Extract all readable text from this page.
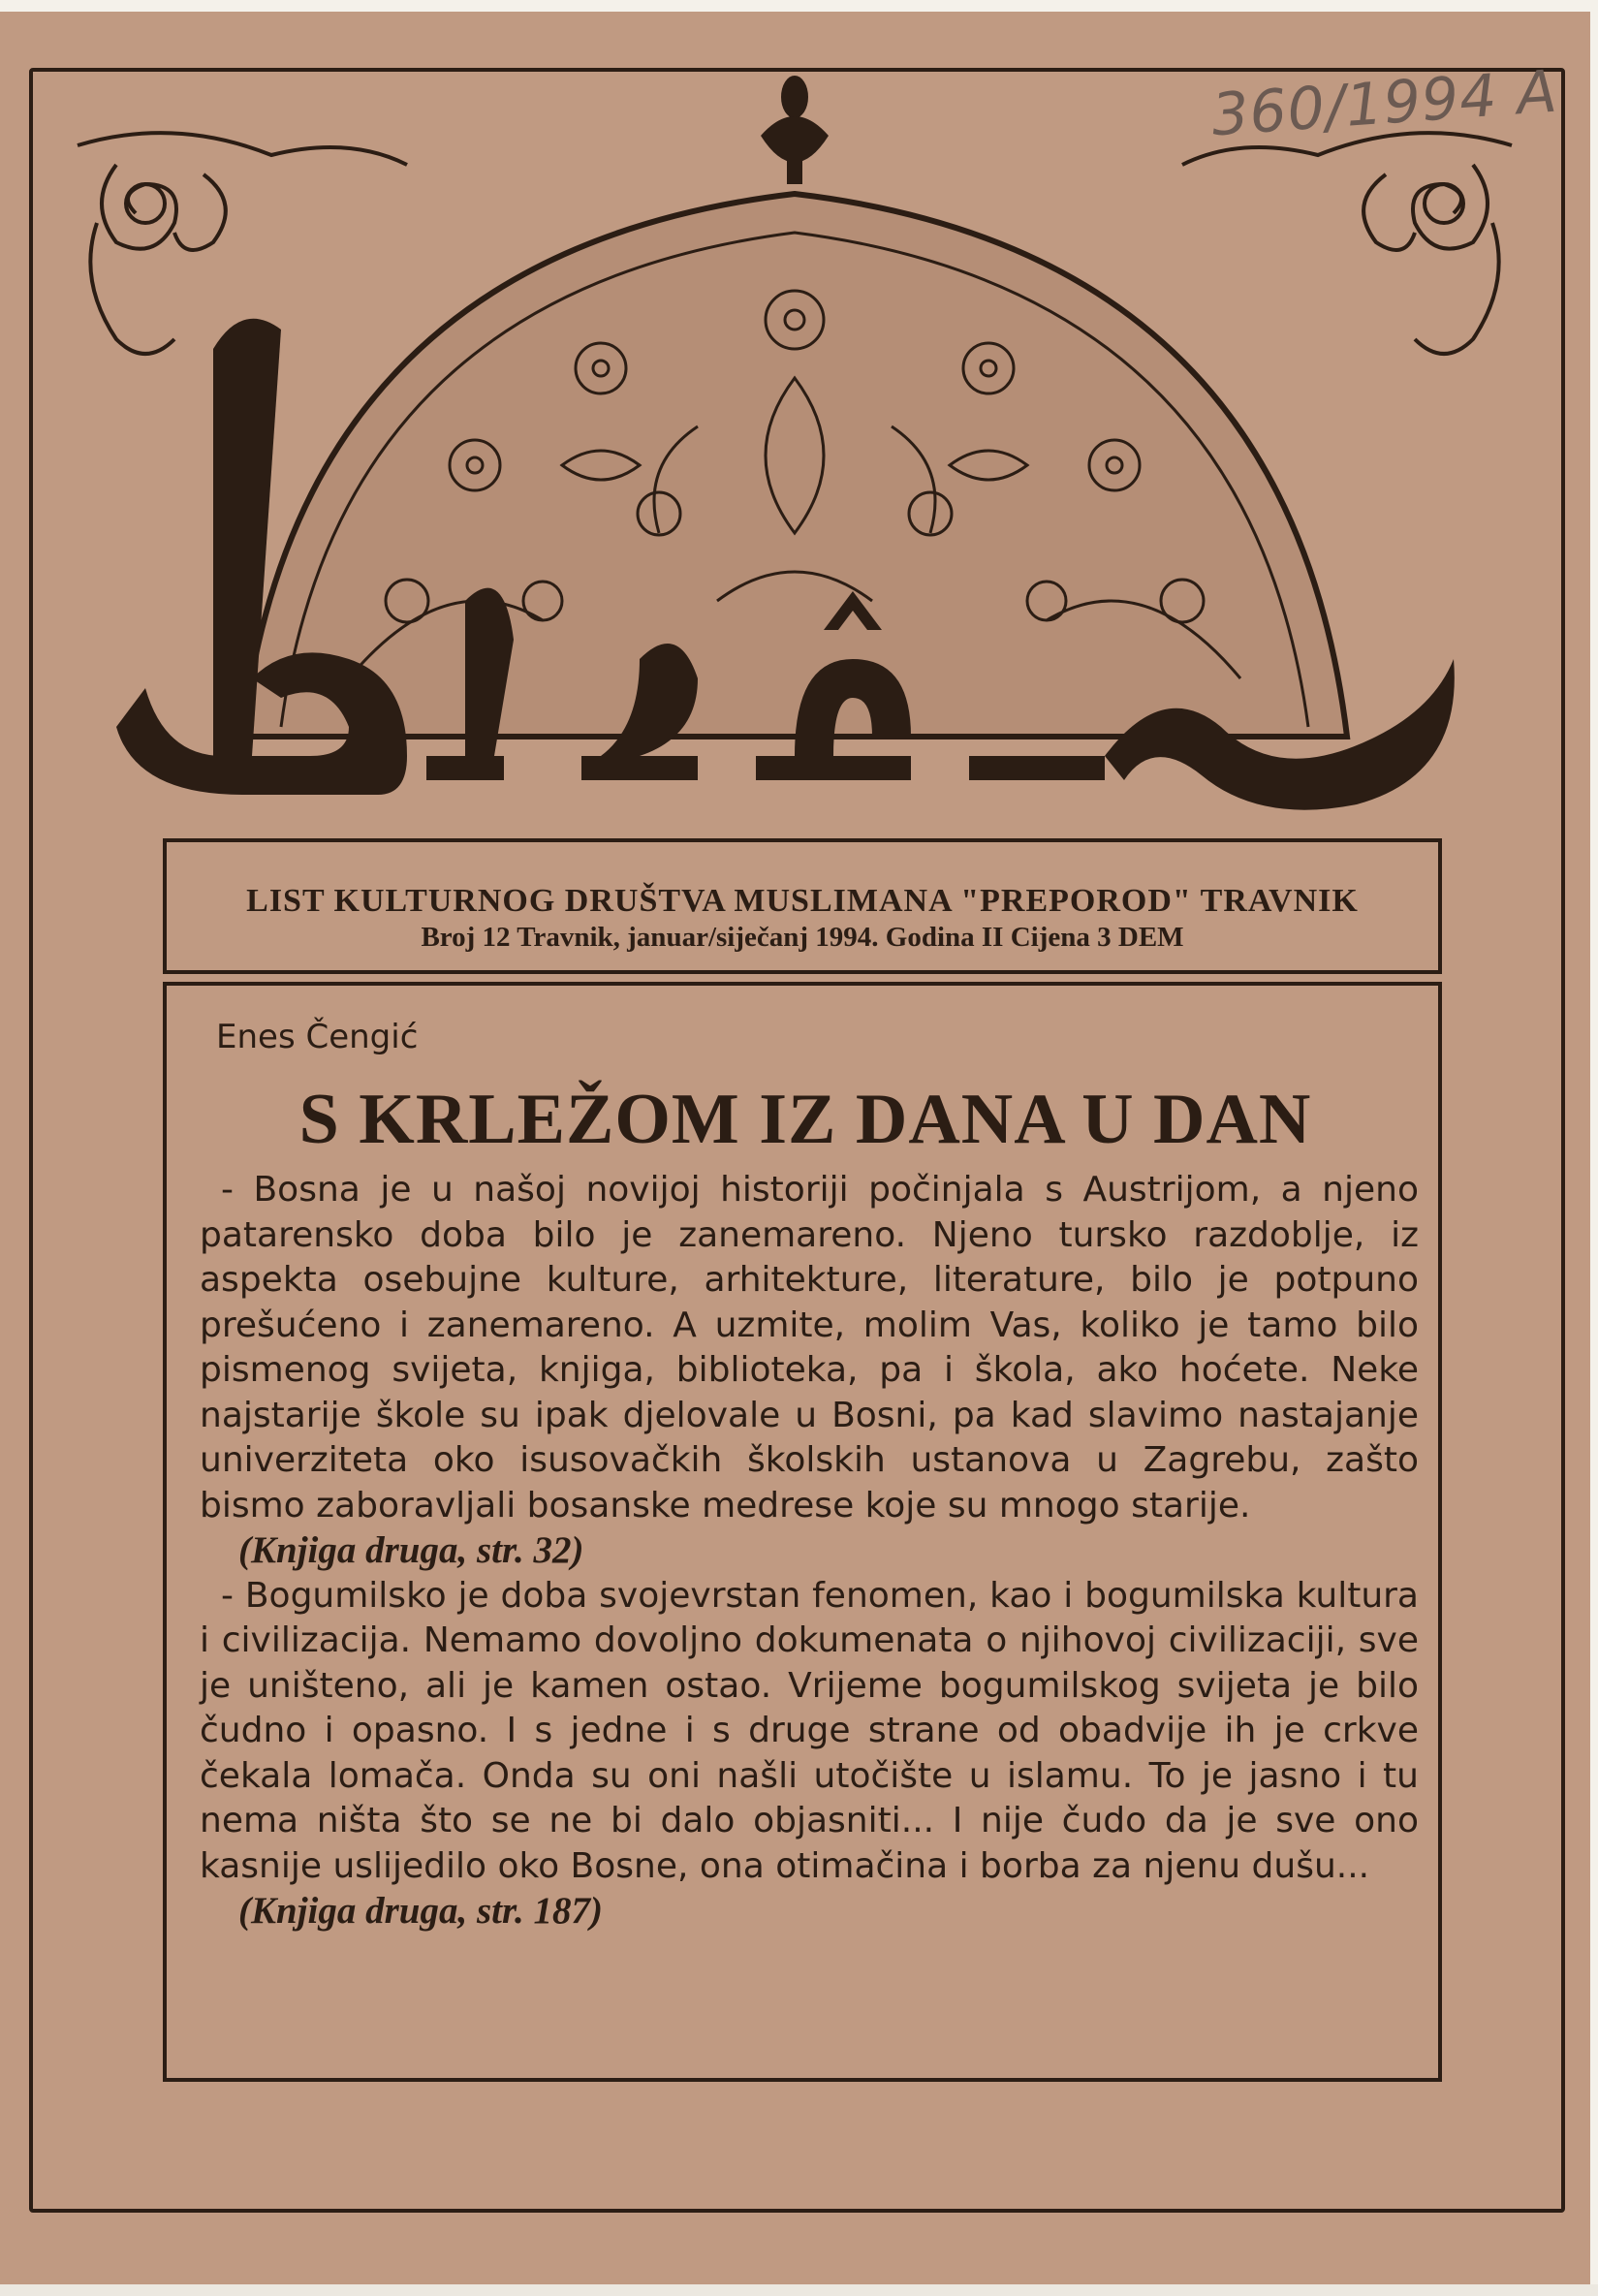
360/1994 A
LIST KULTURNOG DRUŠTVA MUSLIMANA "PREPOROD" TRAVNIK
Broj 12 Travnik, januar/siječanj 1994. Godina II Cijena 3 DEM
Enes Čengić
S KRLEŽOM IZ DANA U DAN

- Bosna je u našoj novijoj historiji počinjala s Austrijom, a njeno patarensko doba bilo je zanemareno. Njeno tursko razdoblje, iz aspekta osebujne kulture, arhitekture, literature, bilo je potpuno prešućeno i zanemareno. A uzmite, molim Vas, koliko je tamo bilo pismenog svijeta, knjiga, biblioteka, pa i škola, ako hoćete. Neke najstarije škole su ipak djelovale u Bosni, pa kad slavimo nastajanje univerziteta oko isusovačkih školskih ustanova u Zagrebu, zašto bismo zaboravljali bosanske medrese koje su mnogo starije.

(Knjiga druga, str. 32)

- Bogumilsko je doba svojevrstan fenomen, kao i bogumilska kultura i civilizacija. Nemamo dovoljno dokumenata o njihovoj civilizaciji, sve je uništeno, ali je kamen ostao. Vrijeme bogumilskog svijeta je bilo čudno i opasno. I s jedne i s druge strane od obadvije ih je crkve čekala lomača. Onda su oni našli utočište u islamu. To je jasno i tu nema ništa što se ne bi dalo objasniti... I nije čudo da je sve ono kasnije uslijedilo oko Bosne, ona otimačina i borba za njenu dušu...

(Knjiga druga, str. 187)
